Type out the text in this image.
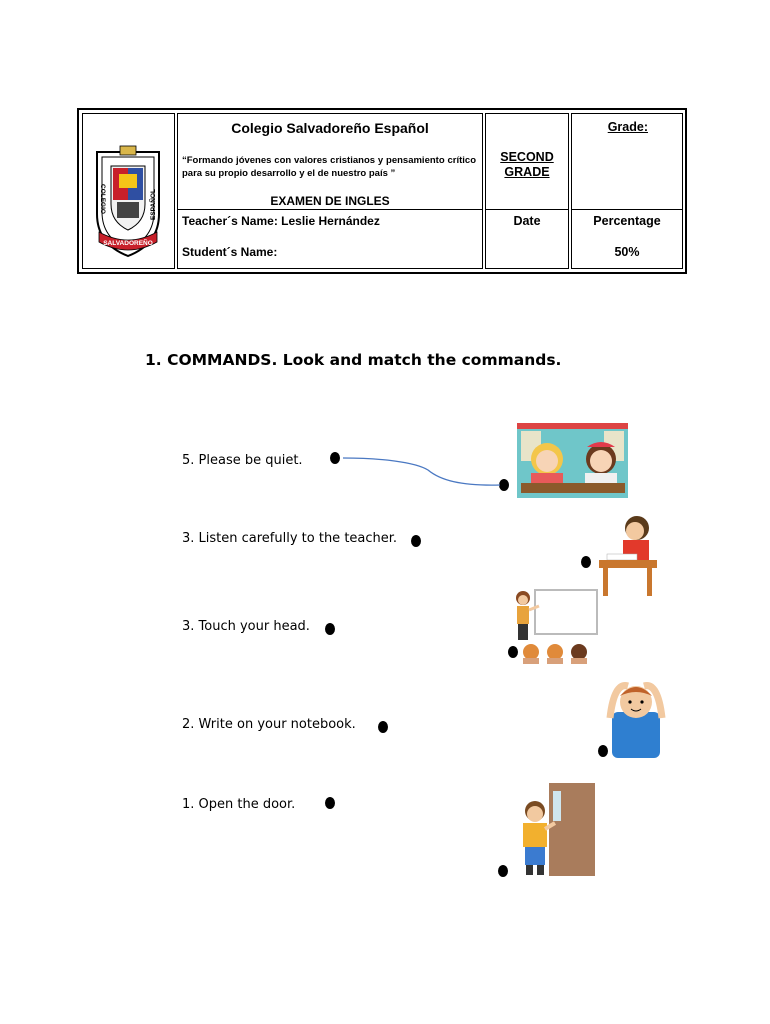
SALVADOREÑO
COLEGIO	ESPAÑOL
Colegio Salvadoreño Español
“Formando jóvenes con valores cristianos y pensamiento crítico para su propio desarrollo y el de nuestro país ”
EXAMEN DE INGLES
Teacher´s Name: Leslie Hernández
Student´s Name:
SECOND
GRADE
Date
Grade:
Percentage
50%
1. COMMANDS. Look and match the commands.
5. Please be quiet.
3. Listen carefully to the teacher.
3. Touch your head.
2. Write on your notebook.
1. Open the door.
